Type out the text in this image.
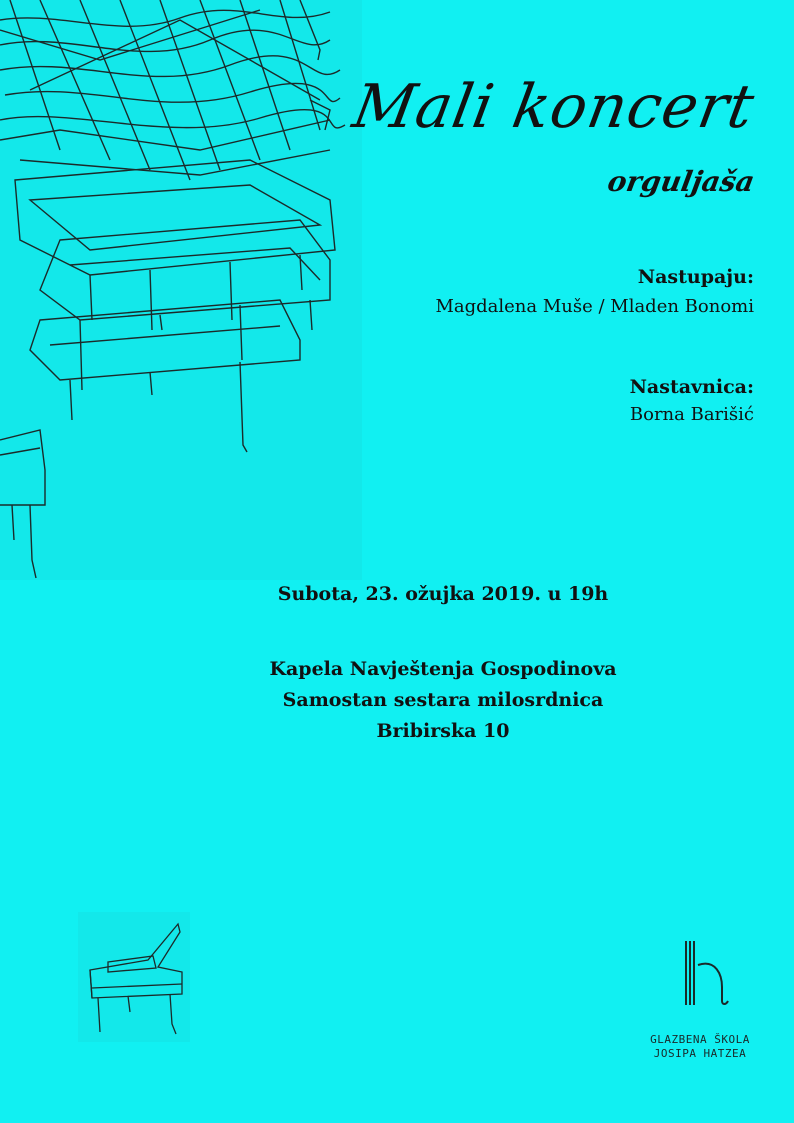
Mali koncert
orguljaša
Nastupaju:
Magdalena Muše / Mladen Bonomi
Nastavnica:
Borna Barišić
Subota, 23. ožujka 2019. u 19h
Kapela Navještenja Gospodinova
Samostan sestara milosrdnica
Bribirska 10
GLAZBENA ŠKOLA
JOSIPA HATZEA
